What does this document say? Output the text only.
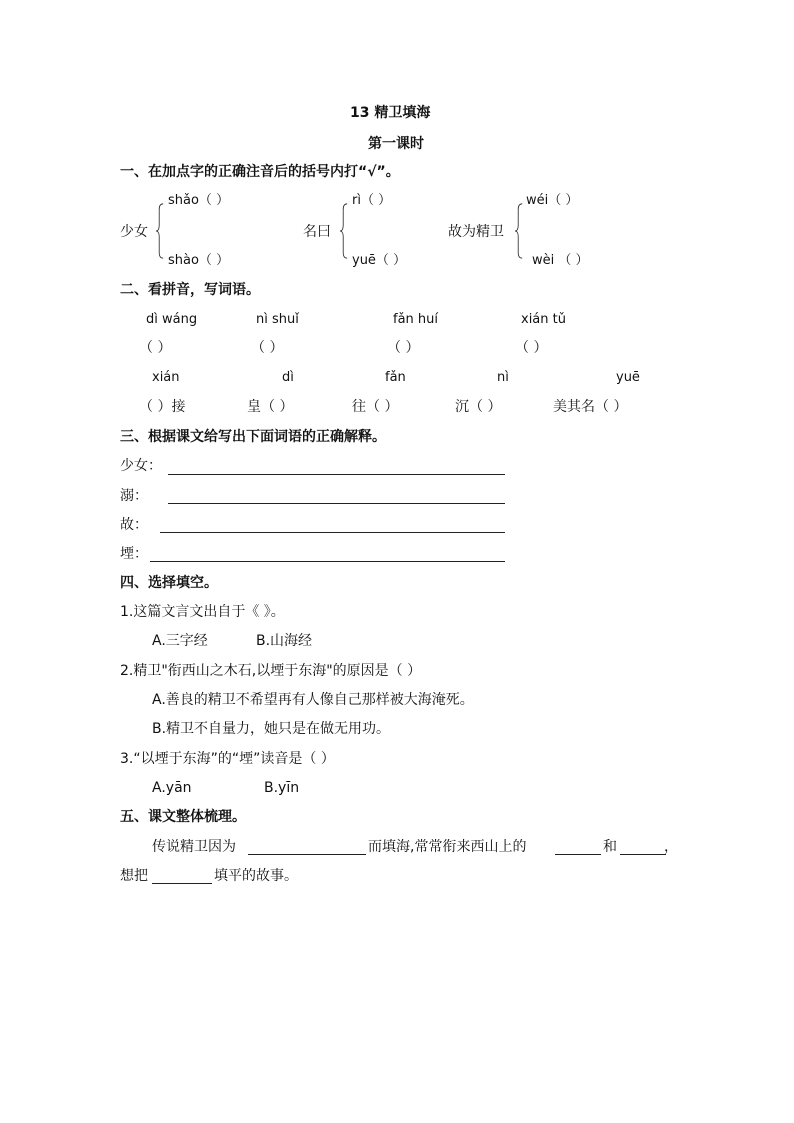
13 精卫填海
第一课时
一、在加点字的正确注音后的括号内打“√”。
shǎo（ ）
少女
shào（ ）
rì（ ）
名曰
yuē（ ）
wéi（ ）
故为精卫
wèi （ ）
二、看拼音，写词语。
dì wáng	nì shuǐ	fǎn huí	xián tǔ
（ ）	（ ）	（ ）	（ ）
xián	dì	fǎn	nì	yuē
（ ）接	皇（ ）	往（ ）	沉（ ）	美其名（ ）
三、根据课文给写出下面词语的正确解释。
少女：
溺：
故：
堙：
四、选择填空。
1.这篇文言文出自于《 》。
A.三字经	B.山海经
2.精卫"衔西山之木石,以堙于东海"的原因是（ ）
A.善良的精卫不希望再有人像自己那样被大海淹死。
B.精卫不自量力，她只是在做无用功。
3.“以堙于东海”的“堙”读音是（ ）
A.yān	B.yīn
五、课文整体梳理。
传说精卫因为	而填海,常常衔来西山上的	和	，
想把	填平的故事。
